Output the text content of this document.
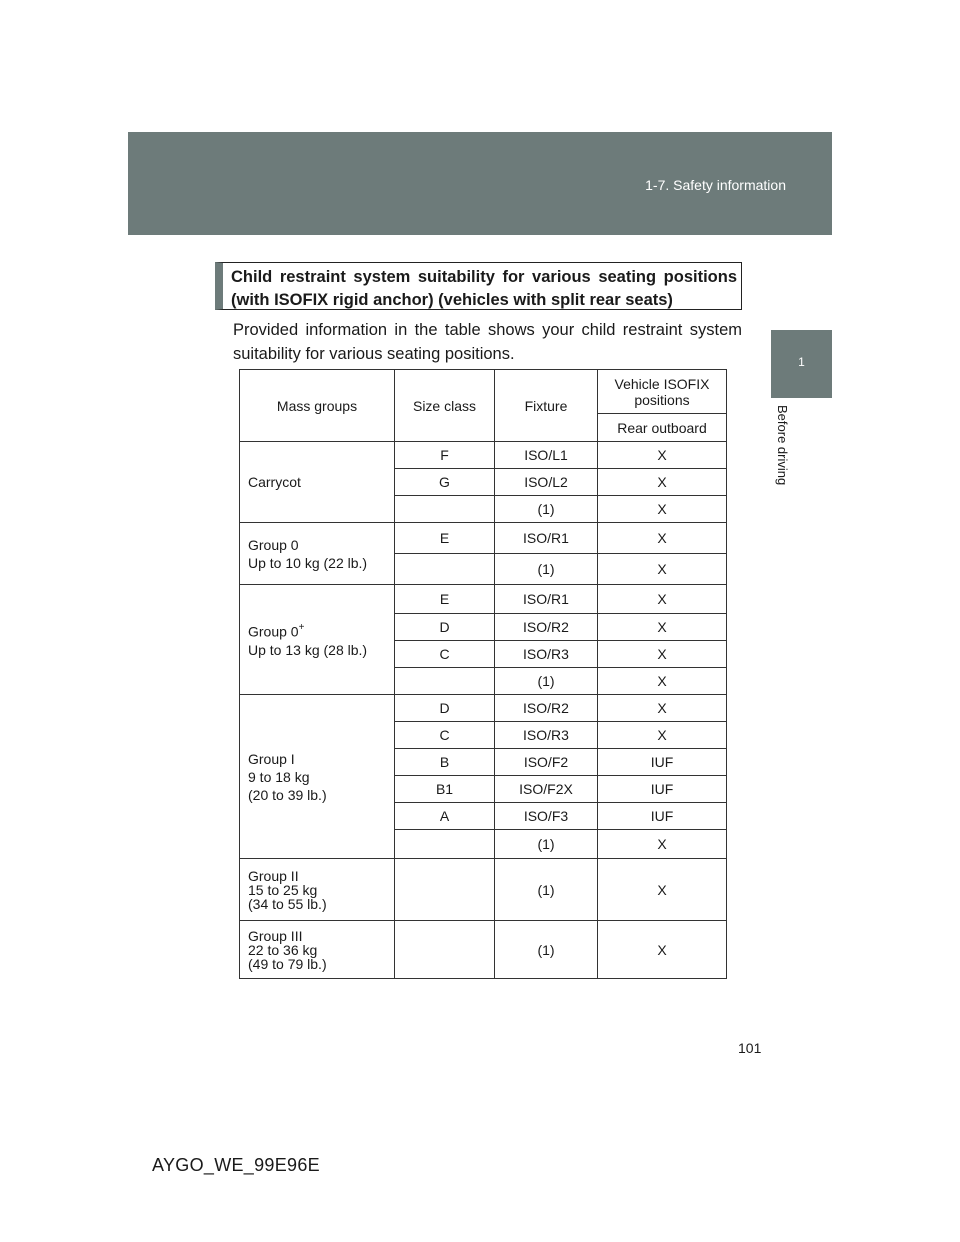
1-7. Safety information
1
Before driving

Child restraint system suitability for various seating positions

(with ISOFIX rigid anchor) (vehicles with split rear seats)

Provided information in the table shows your child restraint system
suitability for various seating positions.
Mass groups	Size class	Fixture	Vehicle ISOFIX positions
			Rear outboard
Carrycot	F	ISO/L1	X
	G	ISO/L2	X
		(1)	X

Group 0
Up to 10 kg (22 lb.)	E	ISO/R1	X
		(1)	X

Group 0+
Up to 13 kg (28 lb.)	E	ISO/R1	X
	D	ISO/R2	X
	C	ISO/R3	X
		(1)	X

Group I
9 to 18 kg
(20 to 39 lb.)	D	ISO/R2	X
	C	ISO/R3	X
	B	ISO/F2	IUF
	B1	ISO/F2X	IUF
	A	ISO/F3	IUF
		(1)	X

Group II
15 to 25 kg
(34 to 55 lb.)		(1)	X

Group III
22 to 36 kg
(49 to 79 lb.)		(1)	X
101
AYGO_WE_99E96E
